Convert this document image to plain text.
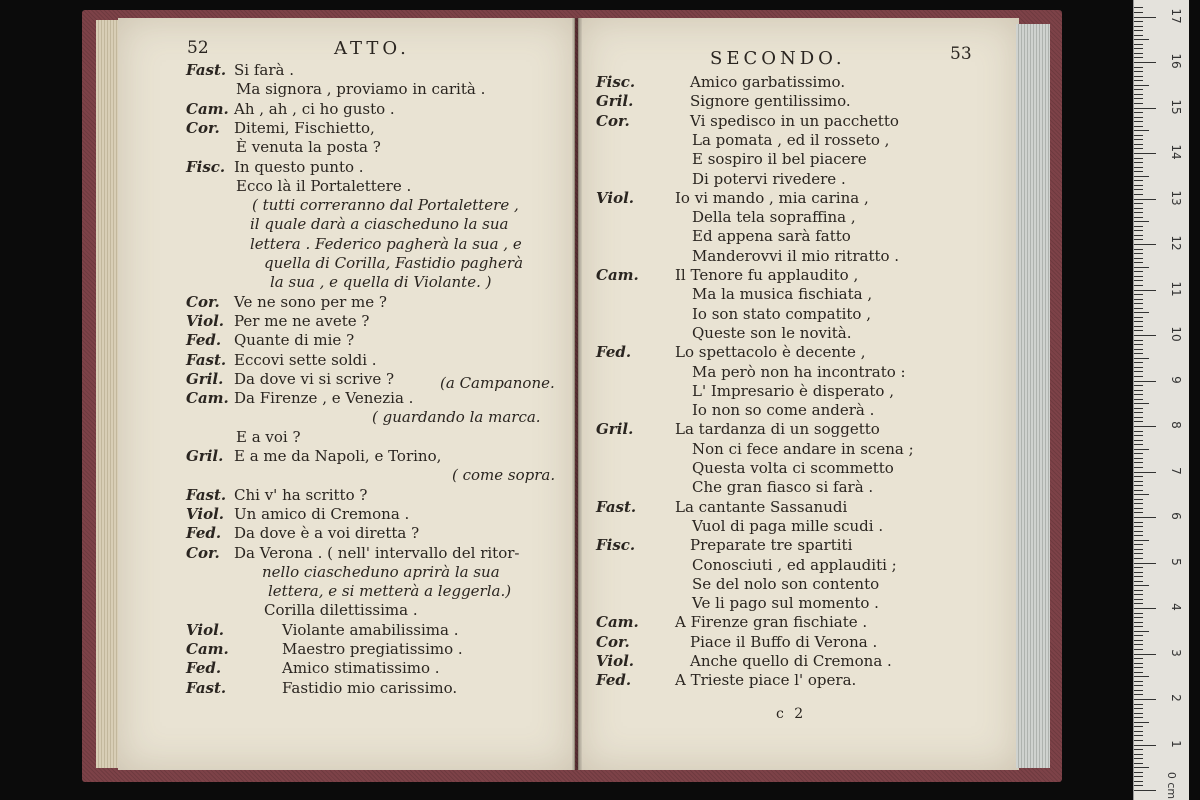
52	ATTO.	SECONDO.	53
c 2
Fast. Si farà .
Ma signora , proviamo in carità .
Cam. Ah , ah , ci ho gusto .
Cor. Ditemi, Fischietto,
È venuta la posta ?
Fisc. In questo punto .
Ecco là il Portalettere .
( tutti correranno dal Portalettere ,
il quale darà a ciascheduno la sua
lettera . Federico pagherà la sua , e
quella di Corilla, Fastidio pagherà
la sua , e quella di Violante. )
Cor. Ve ne sono per me ?
Viol. Per me ne avete ?
Fed. Quante di mie ?
Fast. Eccovi sette soldi .
Gril. Da dove vi si scrive ?
Cam. Da Firenze , e Venezia .
( guardando la marca.
E a voi ?
Gril. E a me da Napoli, e Torino,
( come sopra.
Fast. Chi v' ha scritto ?
Viol. Un amico di Cremona .
Fed. Da dove è a voi diretta ?
Cor. Da Verona . ( nell' intervallo del ritor-
nello ciascheduno aprirà la sua
lettera, e si metterà a leggerla.)
Corilla dilettissima .
Viol.	Violante amabilissima .
Cam.	Maestro pregiatissimo .
Fed.	Amico stimatissimo .
Fast.	Fastidio mio carissimo.
(a Campanone.
Fisc.	Amico garbatissimo.
Gril.	Signore gentilissimo.
Cor.	Vi spedisco in un pacchetto
La pomata , ed il rosseto ,
E sospiro il bel piacere
Di potervi rivedere .
Viol.	Io vi mando , mia carina ,
Della tela sopraffina ,
Ed appena sarà fatto
Manderovvi il mio ritratto .
Cam. Il Tenore fu applaudito ,
Ma la musica fischiata ,
Io son stato compatito ,
Queste son le novità.
Fed.	Lo spettacolo è decente ,
Ma però non ha incontrato :
L' Impresario è disperato ,
Io non so come anderà .
Gril.	La tardanza di un soggetto
Non ci fece andare in scena ;
Questa volta ci scommetto
Che gran fiasco si farà .
Fast.	La cantante Sassanudi
Vuol di paga mille scudi .
Fisc.	Preparate tre spartiti
Conosciuti , ed applauditi ;
Se del nolo son contento
Ve li pago sul momento .
Cam. A Firenze gran fischiate .
Cor.	Piace il Buffo di Verona .
Viol.	Anche quello di Cremona .
Fed.	A Trieste piace l' opera.
1
2
3
4
5
6
7
8
9
10
11
12
13
14
15
16
17
0 cm
